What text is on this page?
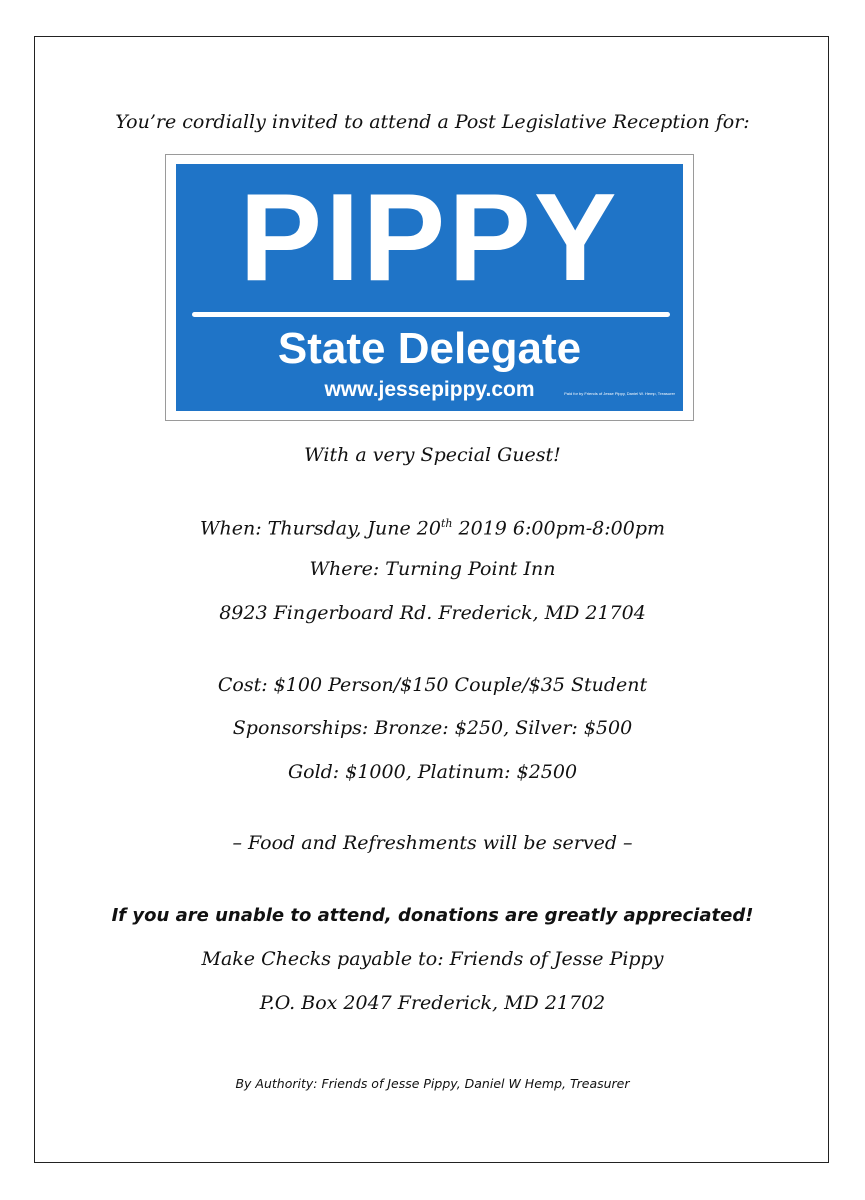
You’re cordially invited to attend a Post Legislative Reception for:
PIPPY
State Delegate
www.jessepippy.com	Paid for by Friends of Jesse Pippy, Daniel W. Hemp, Treasurer
With a very Special Guest!
When: Thursday, June 20th 2019 6:00pm-8:00pm
Where: Turning Point Inn
8923 Fingerboard Rd. Frederick, MD 21704
Cost: $100 Person/$150 Couple/$35 Student
Sponsorships: Bronze: $250, Silver: $500
Gold: $1000, Platinum: $2500
– Food and Refreshments will be served –
If you are unable to attend, donations are greatly appreciated!
Make Checks payable to: Friends of Jesse Pippy
P.O. Box 2047 Frederick, MD 21702
By Authority: Friends of Jesse Pippy, Daniel W Hemp, Treasurer
